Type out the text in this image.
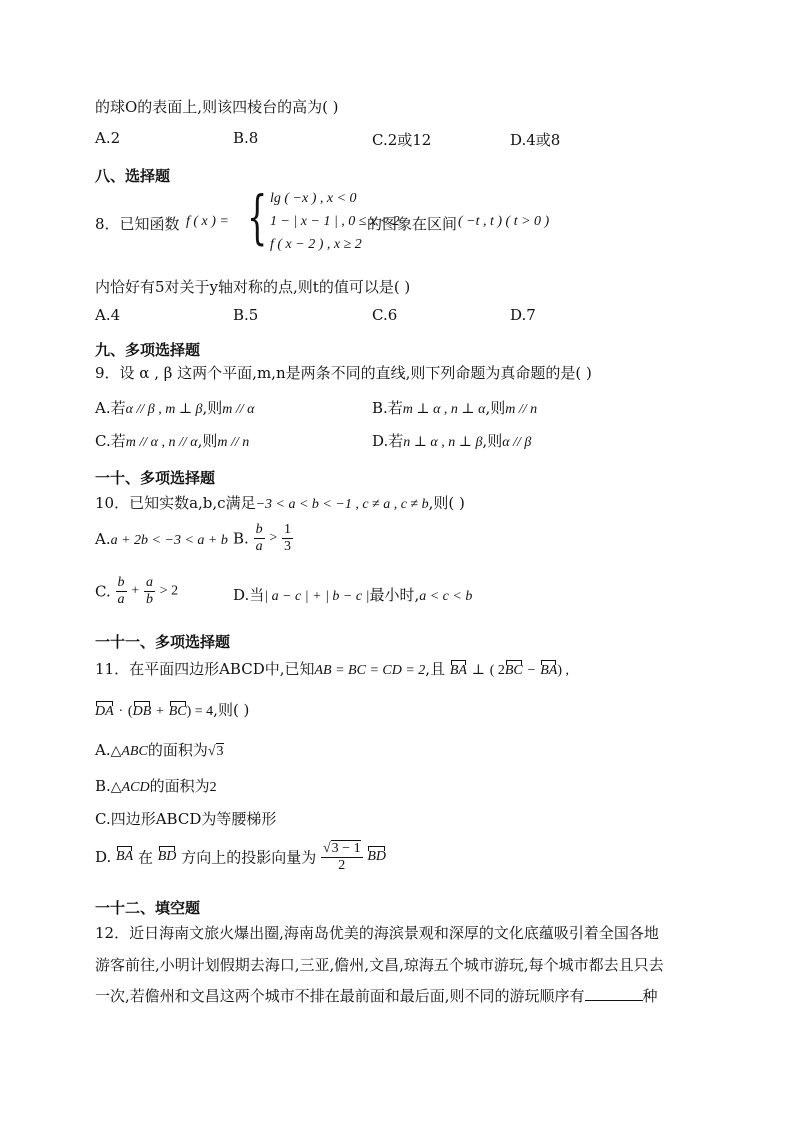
的球O的表面上,则该四棱台的高为( )
A.2	B.8	C.2或12	D.4或8
八、选择题
8．已知函数 f ( x ) = { lg ( −x ) , x < 0
1 − | x − 1 | , 0 ≤ x < 2
f ( x − 2 ) , x ≥ 2
的图象在区间 ( −t , t ) ( t > 0 )
内恰好有5对关于y轴对称的点,则t的值可以是( )
A.4	B.5	C.6	D.7
九、多项选择题
9．设 α , β 这两个平面,m,n是两条不同的直线,则下列命题为真命题的是( )
A.若α // β , m ⊥ β,则m // α	B.若m ⊥ α , n ⊥ α,则m // n
C.若m // α , n // α,则m // n	D.若n ⊥ α , n ⊥ β,则α // β
一十、多项选择题
10．已知实数a,b,c满足−3 < a < b < −1 , c ≠ a , c ≠ b,则( )
A.a + 2b < −3 < a + b B. $\frac{b}{a} > \frac{1}{3}$
C. $\frac{b}{a} + \frac{a}{b} > 2$	D.当| a − c | + | b − c |最小时,a < c < b
一十一、多项选择题
11．在平面四边形ABCD中,已知AB = BC = CD = 2,且 BA ⊥ ( 2BC − BA) ,
DA · (DB + BC) = 4,则( )
A.△ABC的面积为√3
B.△ACD的面积为2
C.四边形ABCD为等腰梯形
D. BA 在 BD 方向上的投影向量为 $\frac{√3 - 1}{2}$ BD
一十二、填空题
12．近日海南文旅火爆出圈,海南岛优美的海滨景观和深厚的文化底蕴吸引着全国各地
游客前往,小明计划假期去海口,三亚,儋州,文昌,琼海五个城市游玩,每个城市都去且只去
一次,若儋州和文昌这两个城市不排在最前面和最后面,则不同的游玩顺序有	种
